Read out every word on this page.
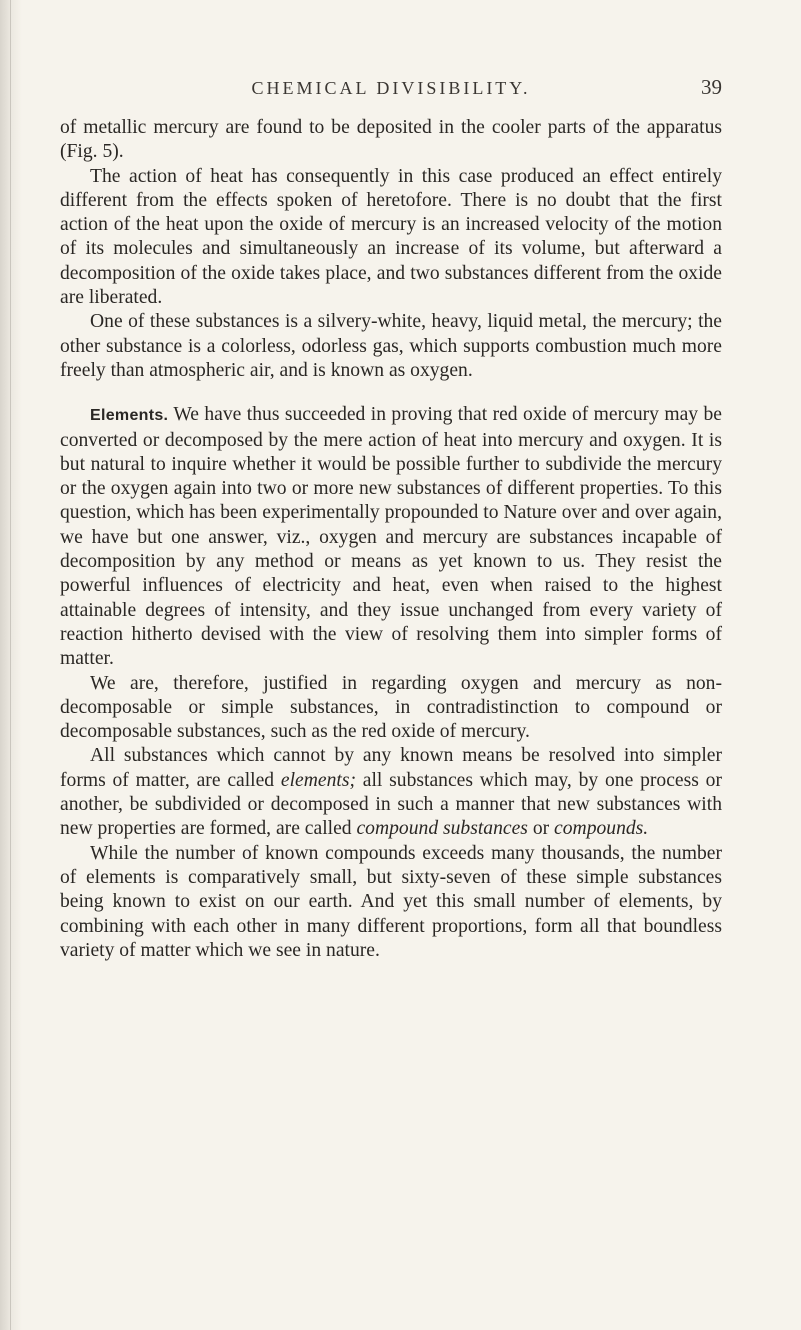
CHEMICAL DIVISIBILITY.	39

of metallic mercury are found to be deposited in the cooler parts of the apparatus (Fig. 5).

The action of heat has consequently in this case produced an effect entirely different from the effects spoken of heretofore. There is no doubt that the first action of the heat upon the oxide of mercury is an increased velocity of the motion of its molecules and simultaneously an increase of its volume, but afterward a decomposition of the oxide takes place, and two substances different from the oxide are liberated.

One of these substances is a silvery-white, heavy, liquid metal, the mercury; the other substance is a colorless, odorless gas, which supports combustion much more freely than atmospheric air, and is known as oxygen.

Elements. We have thus succeeded in proving that red oxide of mercury may be converted or decomposed by the mere action of heat into mercury and oxygen. It is but natural to inquire whether it would be possible further to subdivide the mercury or the oxygen again into two or more new substances of different properties. To this question, which has been experimentally propounded to Nature over and over again, we have but one answer, viz., oxygen and mercury are substances incapable of decomposition by any method or means as yet known to us. They resist the powerful influences of electricity and heat, even when raised to the highest attainable degrees of intensity, and they issue unchanged from every variety of reaction hitherto devised with the view of resolving them into simpler forms of matter.

We are, therefore, justified in regarding oxygen and mercury as non-decomposable or simple substances, in contradistinction to compound or decomposable substances, such as the red oxide of mercury.

All substances which cannot by any known means be resolved into simpler forms of matter, are called elements; all substances which may, by one process or another, be subdivided or decomposed in such a manner that new substances with new properties are formed, are called compound substances or compounds.

While the number of known compounds exceeds many thousands, the number of elements is comparatively small, but sixty-seven of these simple substances being known to exist on our earth. And yet this small number of elements, by combining with each other in many different proportions, form all that boundless variety of matter which we see in nature.
